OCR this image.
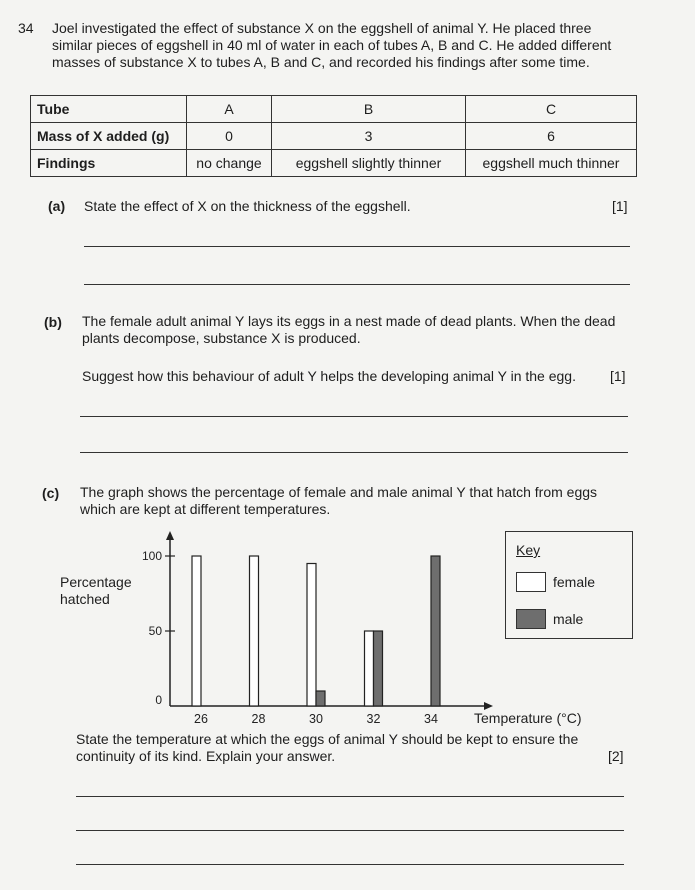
34 Joel investigated the effect of substance X on the eggshell of animal Y. He placed three
similar pieces of eggshell in 40 ml of water in each of tubes A, B and C. He added different
masses of substance X to tubes A, B and C, and recorded his findings after some time.
Tube	A	B	C
Mass of X added (g)	0	3	6
Findings	no change	eggshell slightly thinner	eggshell much thinner
(a) State the effect of X on the thickness of the eggshell.	[1]
(b) The female adult animal Y lays its eggs in a nest made of dead plants. When the dead
plants decompose, substance X is produced.
Suggest how this behaviour of adult Y helps the developing animal Y in the egg. [1]
(c) The graph shows the percentage of female and male animal Y that hatch from eggs
which are kept at different temperatures.
Percentage hatched
0
50
100
26	28	30	32	34	Temperature (°C)
Key
female
male
State the temperature at which the eggs of animal Y should be kept to ensure the
continuity of its kind. Explain your answer.	[2]
